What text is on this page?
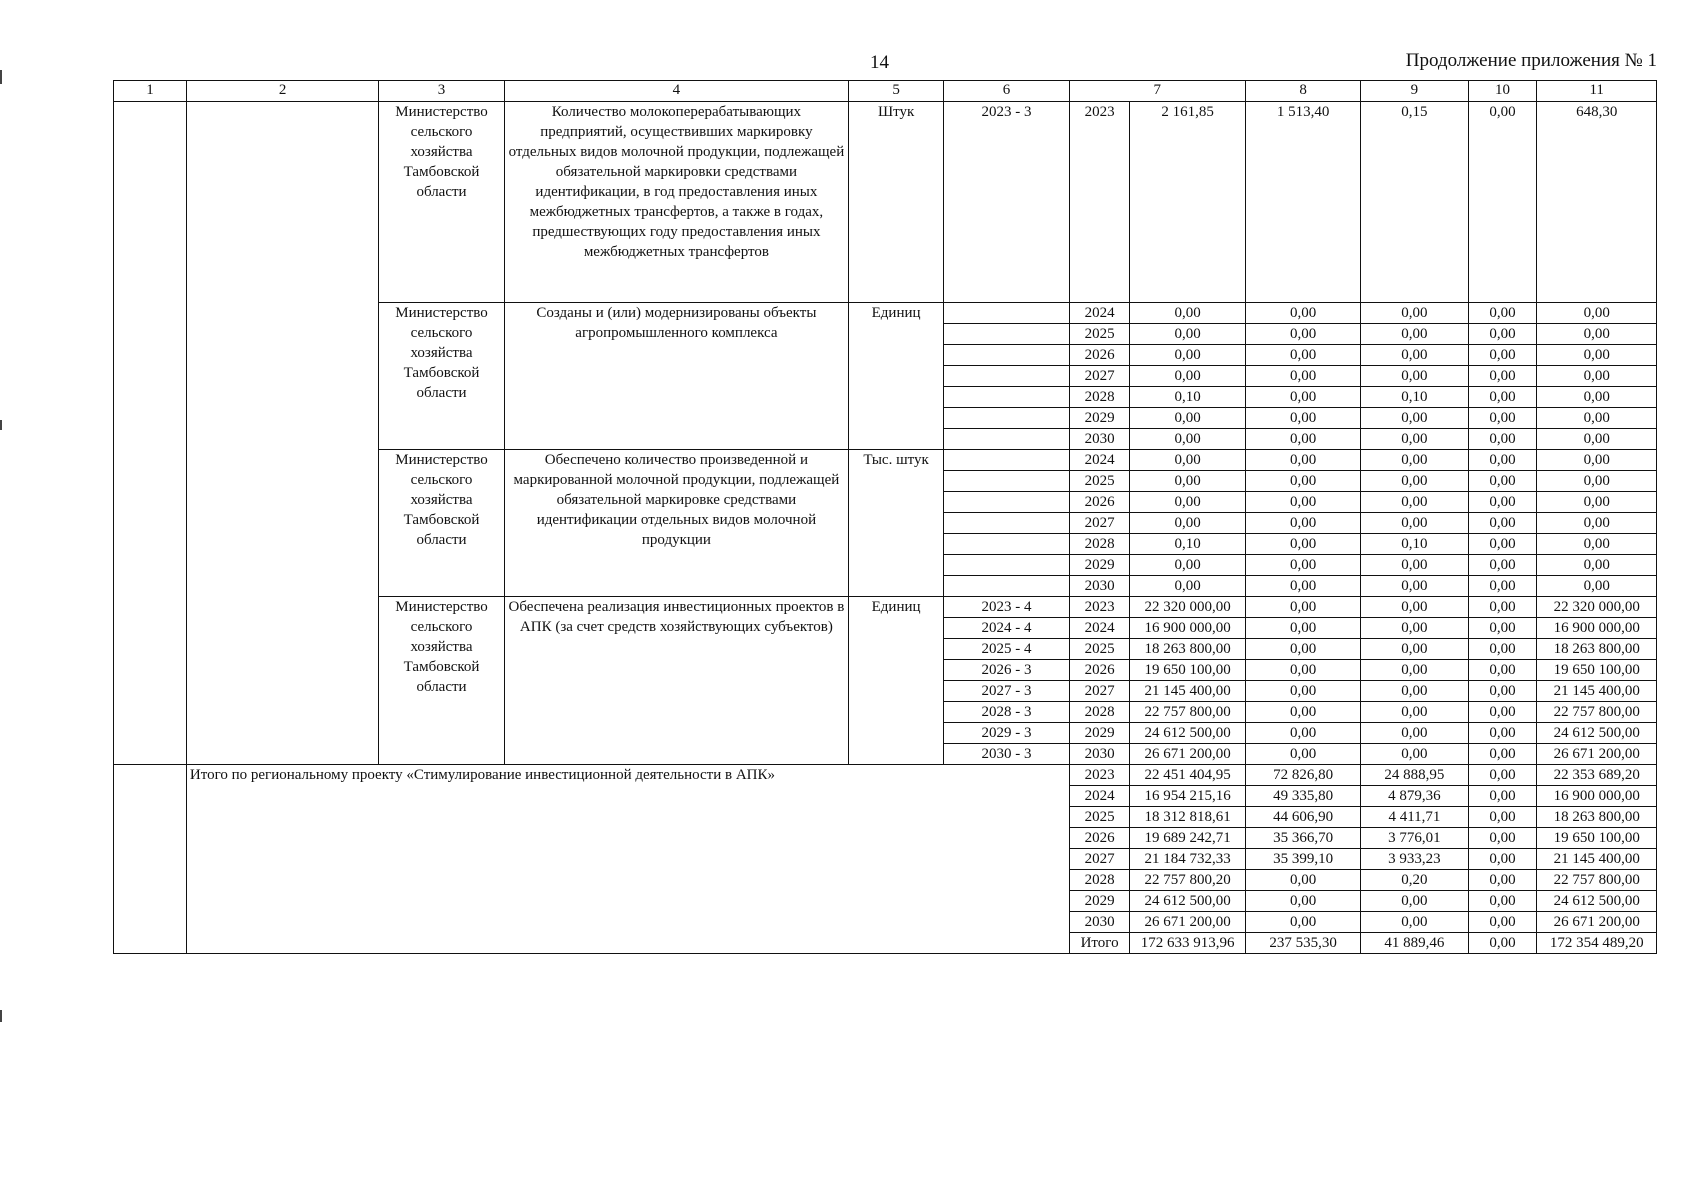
14	Продолжение приложения № 1
1	2	3	4	5	6	7		8	9	10	11
		Министерство сельского хозяйства Тамбовской области	Количество молокоперерабатывающих предприятий, осуществивших маркировку отдельных видов молочной продукции, подлежащей обязательной маркировки средствами идентификации, в год предоставления иных межбюджетных трансфертов, а также в годах, предшествующих году предоставления иных межбюджетных трансфертов	Штук	2023 - 3	2023	2 161,85	1 513,40	0,15	0,00	648,30
		Министерство сельского хозяйства Тамбовской области	Созданы и (или) модернизированы объекты агропромышленного комплекса	Единиц		2024	0,00	0,00	0,00	0,00	0,00
						2025	0,00	0,00	0,00	0,00	0,00
						2026	0,00	0,00	0,00	0,00	0,00
						2027	0,00	0,00	0,00	0,00	0,00
						2028	0,10	0,00	0,10	0,00	0,00
						2029	0,00	0,00	0,00	0,00	0,00
						2030	0,00	0,00	0,00	0,00	0,00
		Министерство сельского хозяйства Тамбовской области	Обеспечено количество произведенной и маркированной молочной продукции, подлежащей обязательной маркировке средствами идентификации отдельных видов молочной продукции	Тыс. штук		2024	0,00	0,00	0,00	0,00	0,00
						2025	0,00	0,00	0,00	0,00	0,00
						2026	0,00	0,00	0,00	0,00	0,00
						2027	0,00	0,00	0,00	0,00	0,00
						2028	0,10	0,00	0,10	0,00	0,00
						2029	0,00	0,00	0,00	0,00	0,00
						2030	0,00	0,00	0,00	0,00	0,00
		Министерство сельского хозяйства Тамбовской области	Обеспечена реализация инвестиционных проектов в АПК (за счет средств хозяйствующих субъектов)	Единиц	2023 - 4	2023	22 320 000,00	0,00	0,00	0,00	22 320 000,00
					2024 - 4	2024	16 900 000,00	0,00	0,00	0,00	16 900 000,00
					2025 - 4	2025	18 263 800,00	0,00	0,00	0,00	18 263 800,00
					2026 - 3	2026	19 650 100,00	0,00	0,00	0,00	19 650 100,00
					2027 - 3	2027	21 145 400,00	0,00	0,00	0,00	21 145 400,00
					2028 - 3	2028	22 757 800,00	0,00	0,00	0,00	22 757 800,00
					2029 - 3	2029	24 612 500,00	0,00	0,00	0,00	24 612 500,00
					2030 - 3	2030	26 671 200,00	0,00	0,00	0,00	26 671 200,00
	Итого по региональному проекту «Стимулирование инвестиционной деятельности в АПК»					2023	22 451 404,95	72 826,80	24 888,95	0,00	22 353 689,20
						2024	16 954 215,16	49 335,80	4 879,36	0,00	16 900 000,00
						2025	18 312 818,61	44 606,90	4 411,71	0,00	18 263 800,00
						2026	19 689 242,71	35 366,70	3 776,01	0,00	19 650 100,00
						2027	21 184 732,33	35 399,10	3 933,23	0,00	21 145 400,00
						2028	22 757 800,20	0,00	0,20	0,00	22 757 800,00
						2029	24 612 500,00	0,00	0,00	0,00	24 612 500,00
						2030	26 671 200,00	0,00	0,00	0,00	26 671 200,00
						Итого	172 633 913,96	237 535,30	41 889,46	0,00	172 354 489,20
